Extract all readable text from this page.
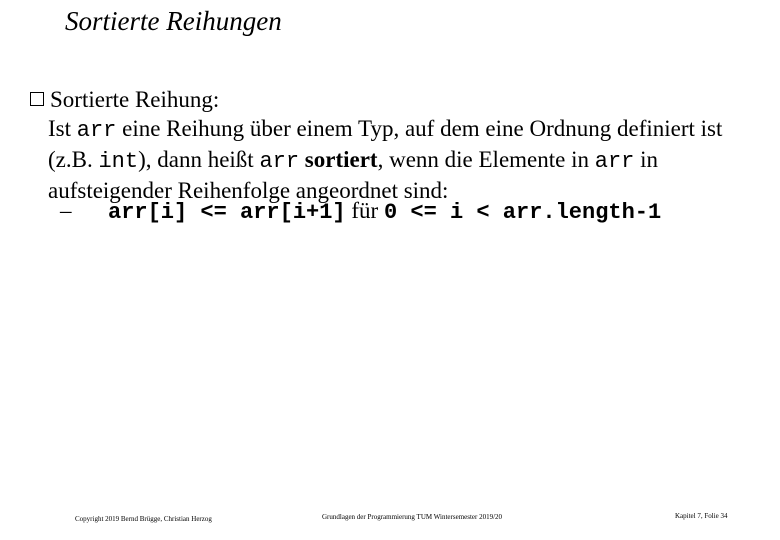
Sortierte Reihungen
Sortierte Reihung:
Ist arr eine Reihung über einem Typ, auf dem eine Ordnung definiert ist (z.B. int), dann heißt arr sortiert, wenn die Elemente in arr in aufsteigender Reihenfolge angeordnet sind:
– arr[i] <= arr[i+1] für 0 <= i < arr.length-1
Copyright 2019 Bernd Brügge, Christian Herzog	Grundlagen der Programmierung TUM Wintersemester 2019/20	Kapitel 7, Folie 34
